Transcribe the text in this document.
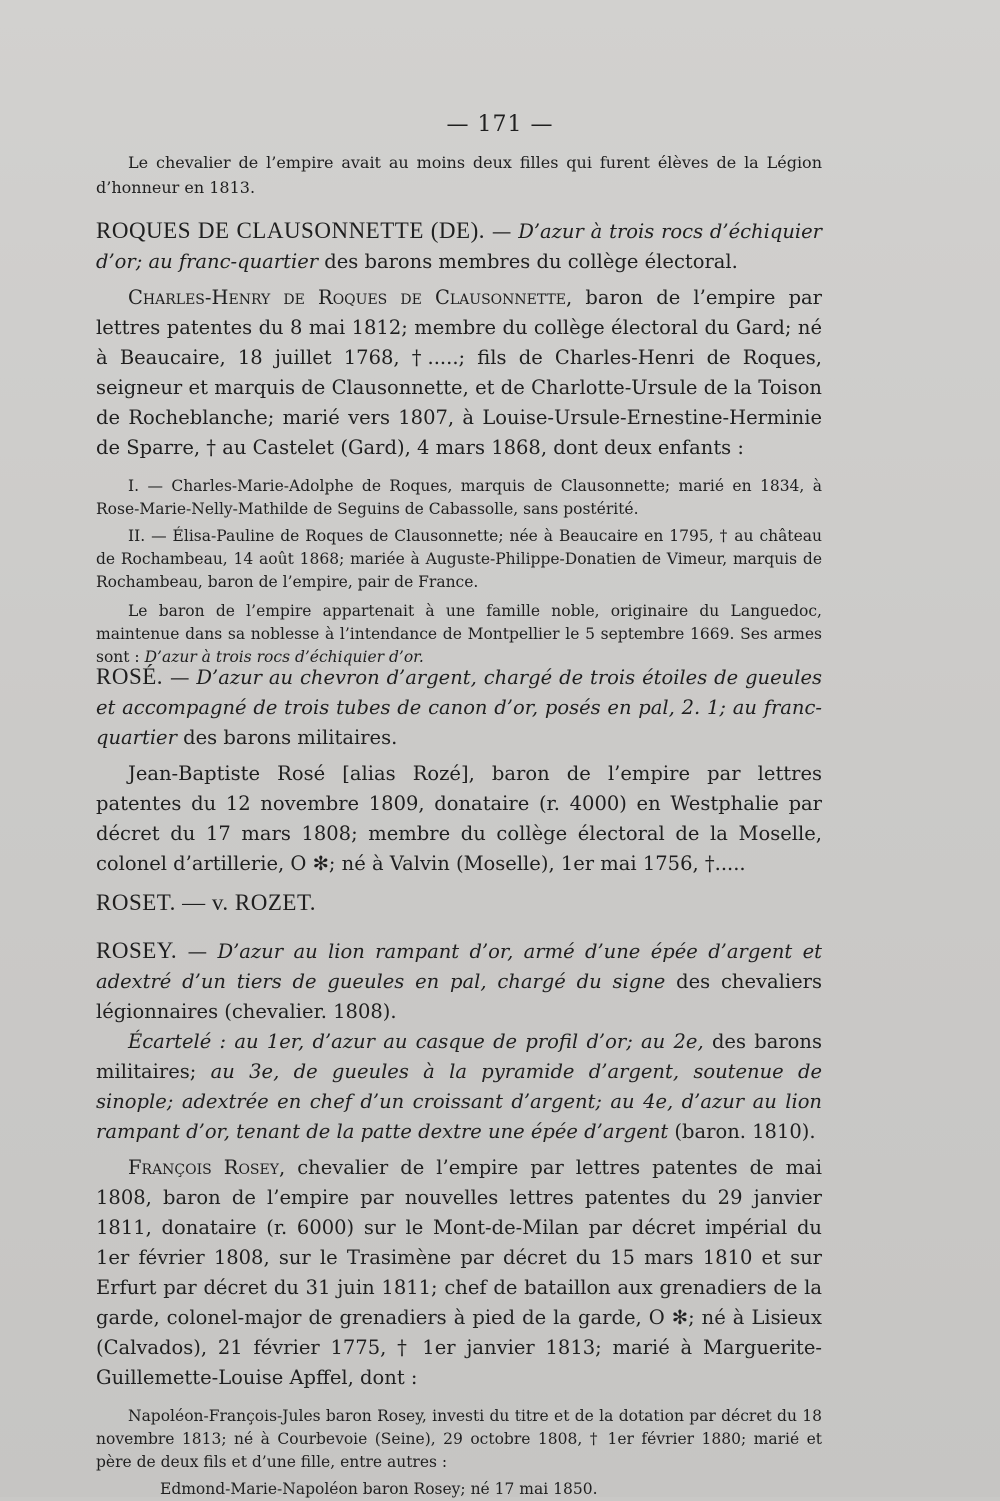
— 171 —

Le chevalier de l’empire avait au moins deux filles qui furent élèves de la Légion d’honneur en 1813.

ROQUES DE CLAUSONNETTE (DE). — D’azur à trois rocs d’échiquier d’or; au franc-quartier des barons membres du collège électoral.

Charles-Henry de Roques de Clausonnette, baron de l’empire par lettres patentes du 8 mai 1812; membre du collège électoral du Gard; né à Beaucaire, 18 juillet 1768, †.....; fils de Charles-Henri de Roques, seigneur et marquis de Clausonnette, et de Charlotte-Ursule de la Toison de Rocheblanche; marié vers 1807, à Louise-Ursule-Ernestine-Herminie de Sparre, † au Castelet (Gard), 4 mars 1868, dont deux enfants :

I. — Charles-Marie-Adolphe de Roques, marquis de Clausonnette; marié en 1834, à Rose-Marie-Nelly-Mathilde de Seguins de Cabassolle, sans postérité.

II. — Élisa-Pauline de Roques de Clausonnette; née à Beaucaire en 1795, † au château de Rochambeau, 14 août 1868; mariée à Auguste-Philippe-Donatien de Vimeur, marquis de Rochambeau, baron de l’empire, pair de France.

Le baron de l’empire appartenait à une famille noble, originaire du Languedoc, maintenue dans sa noblesse à l’intendance de Montpellier le 5 septembre 1669. Ses armes sont : D’azur à trois rocs d’échiquier d’or.

ROSÉ. — D’azur au chevron d’argent, chargé de trois étoiles de gueules et accompagné de trois tubes de canon d’or, posés en pal, 2. 1; au franc-quartier des barons militaires.

Jean-Baptiste Rosé [alias Rozé], baron de l’empire par lettres patentes du 12 novembre 1809, donataire (r. 4000) en Westphalie par décret du 17 mars 1808; membre du collège électoral de la Moselle, colonel d’artillerie, O ✻; né à Valvin (Moselle), 1er mai 1756, †.....

ROSET. — v. ROZET.

ROSEY. — D’azur au lion rampant d’or, armé d’une épée d’argent et adextré d’un tiers de gueules en pal, chargé du signe des chevaliers légionnaires (chevalier. 1808).

Écartelé : au 1er, d’azur au casque de profil d’or; au 2e, des barons militaires; au 3e, de gueules à la pyramide d’argent, soutenue de sinople; adextrée en chef d’un croissant d’argent; au 4e, d’azur au lion rampant d’or, tenant de la patte dextre une épée d’argent (baron. 1810).

François Rosey, chevalier de l’empire par lettres patentes de mai 1808, baron de l’empire par nouvelles lettres patentes du 29 janvier 1811, donataire (r. 6000) sur le Mont-de-Milan par décret impérial du 1er février 1808, sur le Trasimène par décret du 15 mars 1810 et sur Erfurt par décret du 31 juin 1811; chef de bataillon aux grenadiers de la garde, colonel-major de grenadiers à pied de la garde, O ✻; né à Lisieux (Calvados), 21 février 1775, † 1er janvier 1813; marié à Marguerite-Guillemette-Louise Apffel, dont :

Napoléon-François-Jules baron Rosey, investi du titre et de la dotation par décret du 18 novembre 1813; né à Courbevoie (Seine), 29 octobre 1808, † 1er février 1880; marié et père de deux fils et d’une fille, entre autres :

Edmond-Marie-Napoléon baron Rosey; né 17 mai 1850.
